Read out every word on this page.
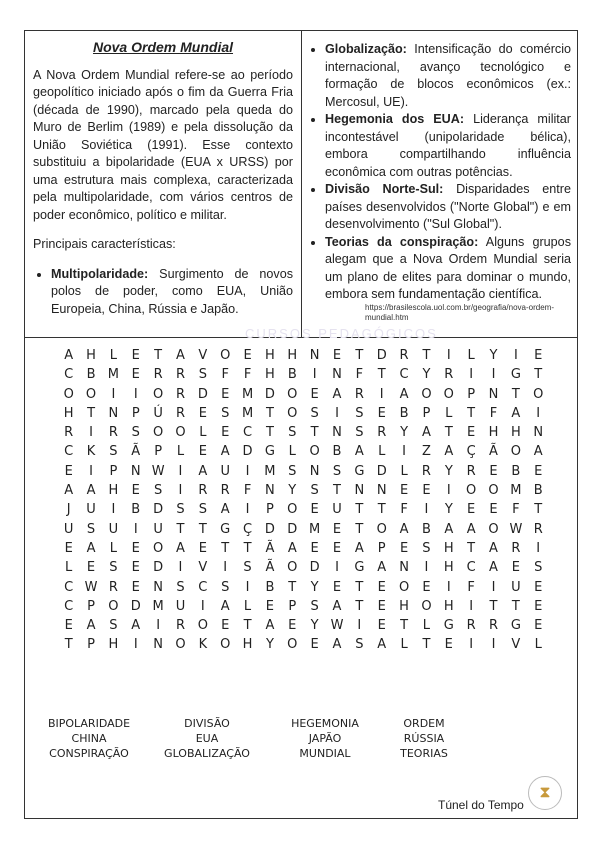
Nova Ordem Mundial

A Nova Ordem Mundial refere-se ao período geopolítico iniciado após o fim da Guerra Fria (década de 1990), marcado pela queda do Muro de Berlim (1989) e pela dissolução da União Soviética (1991). Esse contexto substituiu a bipolaridade (EUA x URSS) por uma estrutura mais complexa, caracterizada pela multipolaridade, com vários centros de poder econômico, político e militar.

Principais características:

• Multipolaridade: Surgimento de novos polos de poder, como EUA, União Europeia, China, Rússia e Japão.
• Globalização: Intensificação do comércio internacional, avanço tecnológico e formação de blocos econômicos (ex.: Mercosul, UE).
• Hegemonia dos EUA: Liderança militar incontestável (unipolaridade bélica), embora compartilhando influência econômica com outras potências.
• Divisão Norte-Sul: Disparidades entre países desenvolvidos ("Norte Global") e em desenvolvimento ("Sul Global").
• Teorias da conspiração: Alguns grupos alegam que a Nova Ordem Mundial seria um plano de elites para dominar o mundo, embora sem fundamentação científica.
https://brasilescola.uol.com.br/geografia/nova-ordem-mundial.htm
CURSOS PEDAGÓGICOS
A H L	E	T A V O E H H N E	T D R T	I	L	Y	I	E
C B M E R R S	F	F H B	I	N F	T C Y R	I	I	G T
O O	I	I	O R D E M D O E A R	I	A O O P N T O
H T N P Ú R E	S M T O S	I	S	E B P	L	T	F	A	I
R	I	R S O O L	E C T	S	T N S R Y A T	E H H N
C K S Ã P	L	E A D G L O B A	L	I	Z A Ç Ã O A
E	I	P N W	I	A U	I	M S N S G D L	R Y R E B E
A A H E	S	I	R R	F N Y	S	T N N E	E	I	O O M B
J	U	I	B D S	S A	I	P O E U T	T	F	I	Y	E	E	F	T
U S U	I	U T	T G Ç D D M E	T O A B A A O W R
E A	L	E O A E	T	T Ã A E	E A P	E	S H T A R	I
L	E	S	E D	I	V	I	S Ã O D	I	G A N	I	H C A E	S
C W R E N S C S	I	B T	Y	E	T	E O E	I	F	I	U E
C P O D M U	I	A	L	E	P	S A T	E H O H	I	T	T	E
E A S A	I	R O E	T A E	Y W	I	E	T	L G R R G E
T	P H	I	N O K O H Y O E A S A	L	T	E	I	I	V	L
BIPOLARIDADE	DIVISÃO	HEGEMONIA	ORDEM
CHINA	EUA	JAPÃO	RÚSSIA
CONSPIRAÇÃO	GLOBALIZAÇÃO	MUNDIAL	TEORIAS
Túnel do Tempo
⧗
